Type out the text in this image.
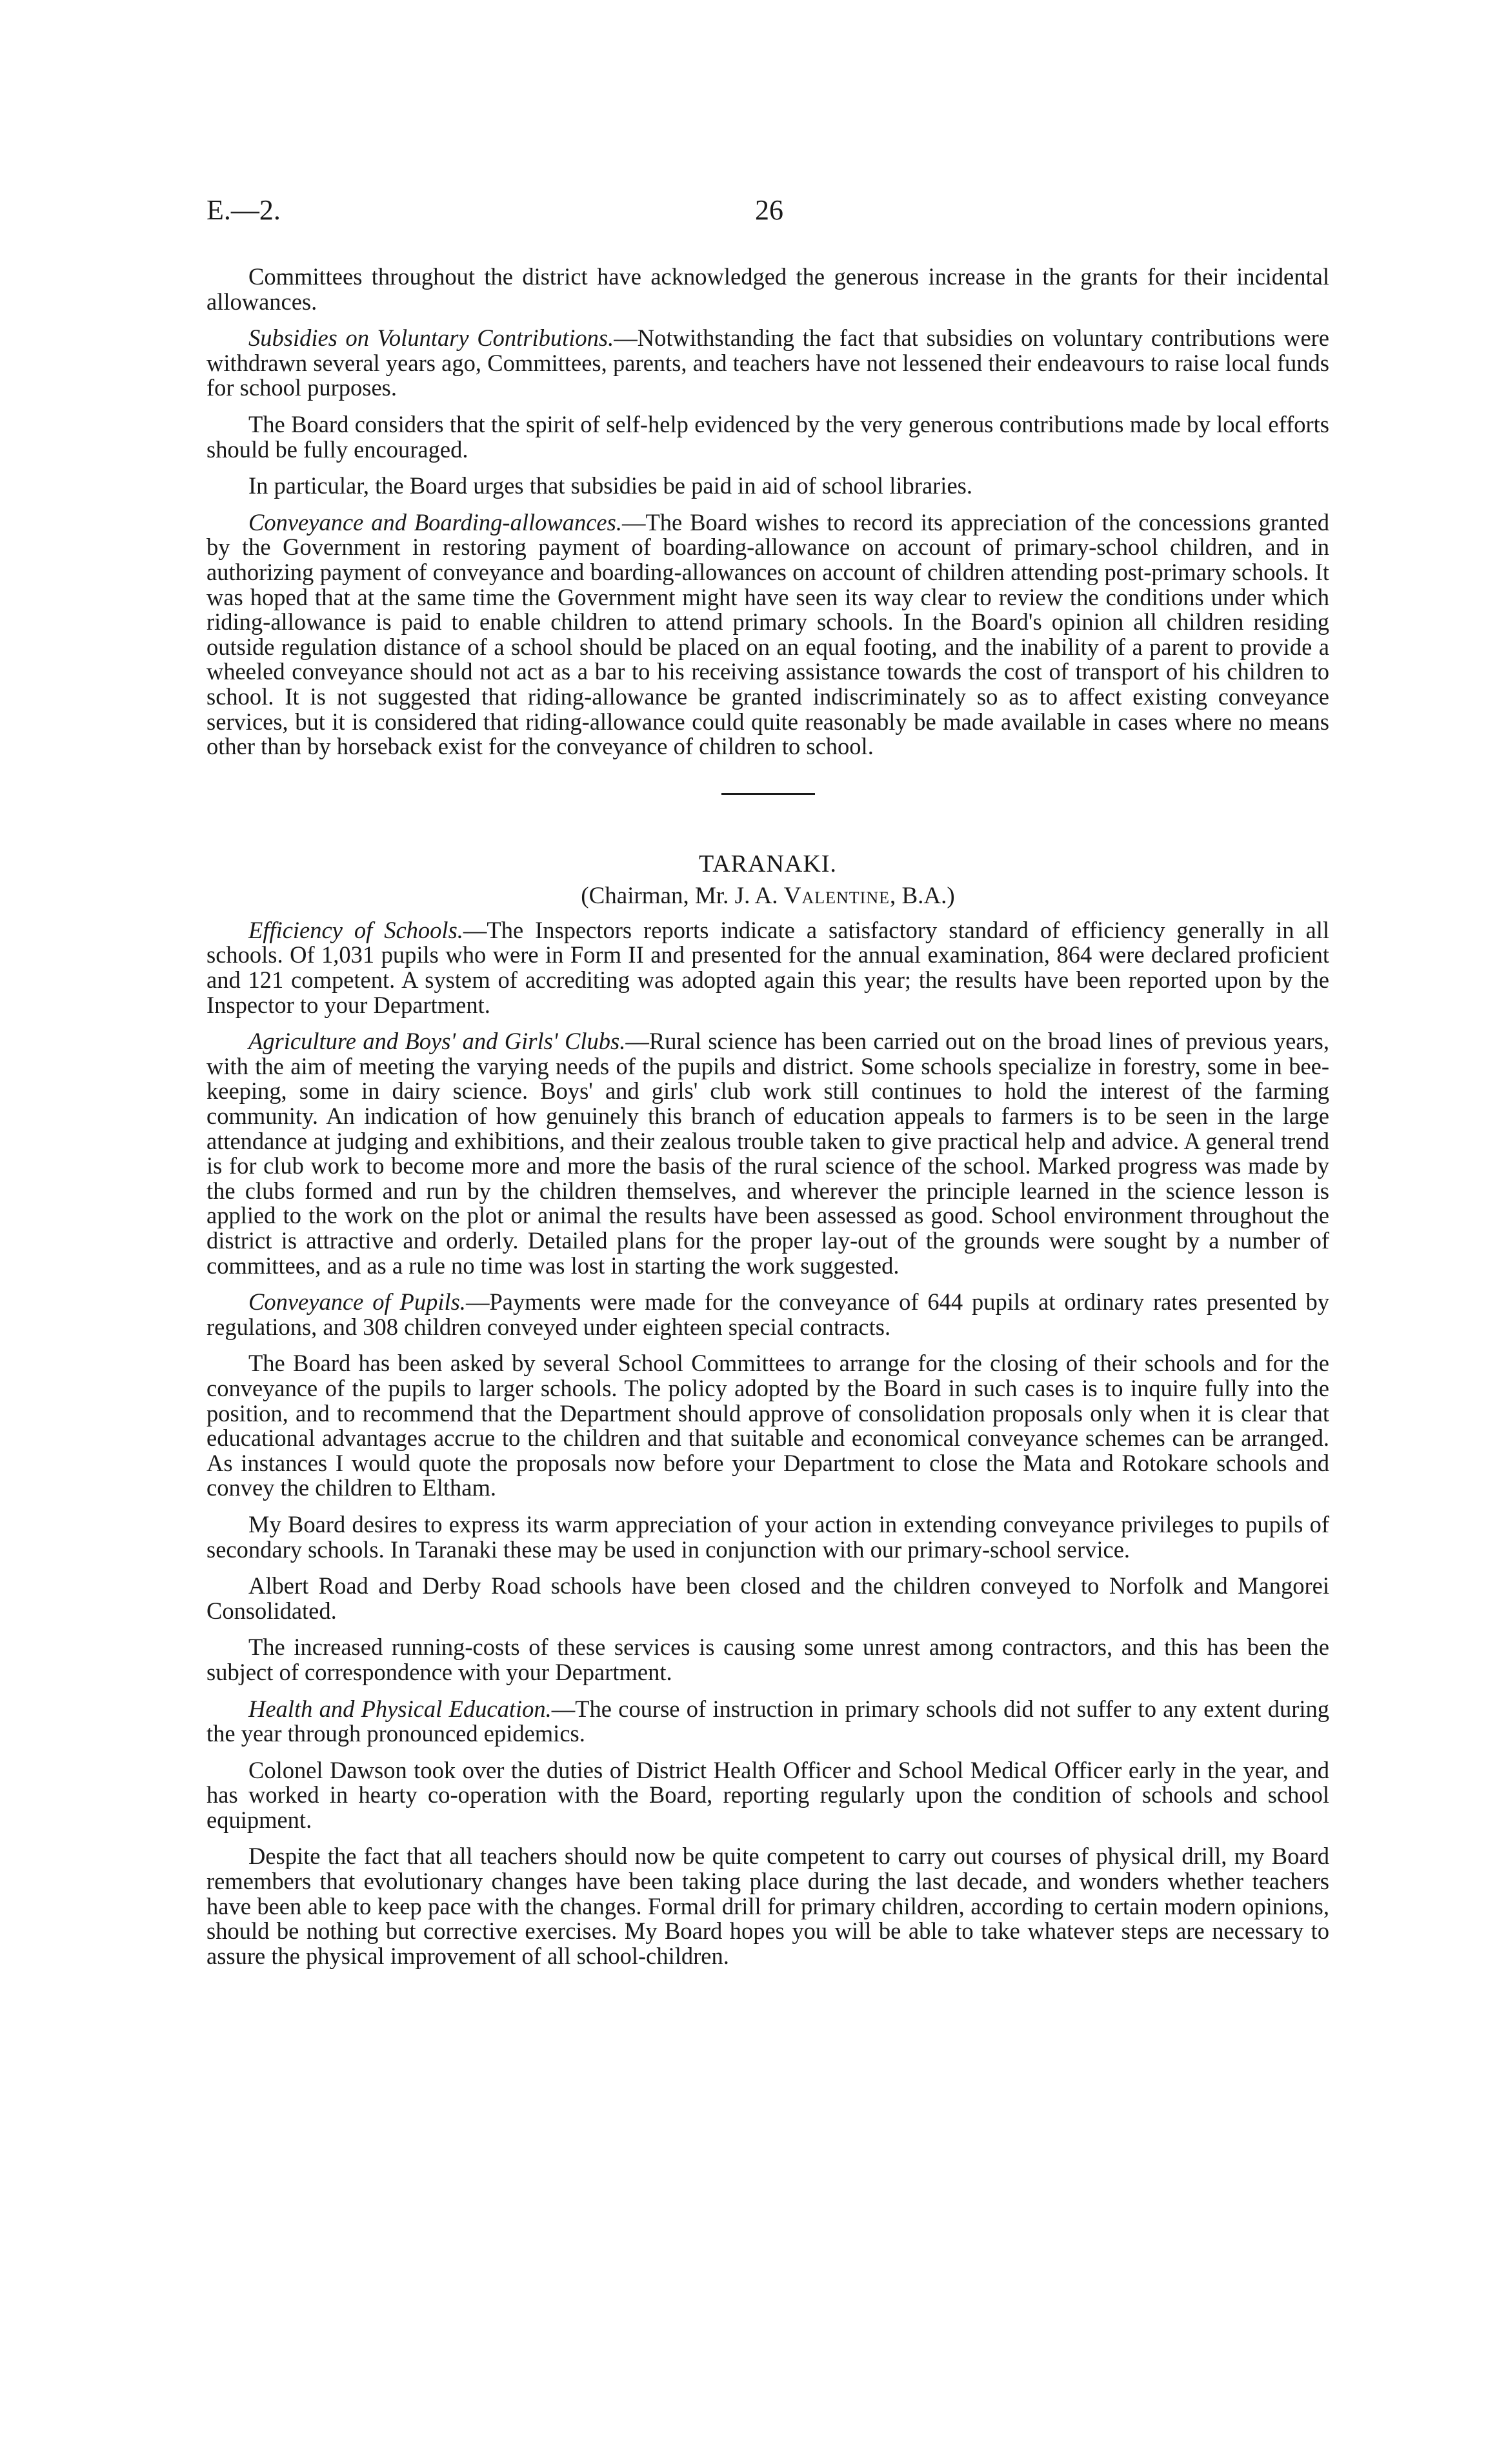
E.—2.	26

Committees throughout the district have acknowledged the generous increase in the grants for their incidental allowances.

Subsidies on Voluntary Contributions.—Notwithstanding the fact that subsidies on voluntary contributions were withdrawn several years ago, Committees, parents, and teachers have not lessened their endeavours to raise local funds for school purposes.

The Board considers that the spirit of self-help evidenced by the very generous contributions made by local efforts should be fully encouraged.

In particular, the Board urges that subsidies be paid in aid of school libraries.

Conveyance and Boarding-allowances.—The Board wishes to record its appreciation of the concessions granted by the Government in restoring payment of boarding-allowance on account of primary-school children, and in authorizing payment of conveyance and boarding-allowances on account of children attending post-primary schools. It was hoped that at the same time the Government might have seen its way clear to review the conditions under which riding-allowance is paid to enable children to attend primary schools. In the Board's opinion all children residing outside regulation distance of a school should be placed on an equal footing, and the inability of a parent to provide a wheeled conveyance should not act as a bar to his receiving assistance towards the cost of transport of his children to school. It is not suggested that riding-allowance be granted indiscriminately so as to affect existing conveyance services, but it is considered that riding-allowance could quite reasonably be made available in cases where no means other than by horseback exist for the conveyance of children to school.

TARANAKI.
(Chairman, Mr. J. A. Valentine, B.A.)

Efficiency of Schools.—The Inspectors reports indicate a satisfactory standard of efficiency generally in all schools. Of 1,031 pupils who were in Form II and presented for the annual examination, 864 were declared proficient and 121 competent. A system of accrediting was adopted again this year; the results have been reported upon by the Inspector to your Department.

Agriculture and Boys' and Girls' Clubs.—Rural science has been carried out on the broad lines of previous years, with the aim of meeting the varying needs of the pupils and district. Some schools specialize in forestry, some in bee-keeping, some in dairy science. Boys' and girls' club work still continues to hold the interest of the farming community. An indication of how genuinely this branch of education appeals to farmers is to be seen in the large attendance at judging and exhibitions, and their zealous trouble taken to give practical help and advice. A general trend is for club work to become more and more the basis of the rural science of the school. Marked progress was made by the clubs formed and run by the children themselves, and wherever the principle learned in the science lesson is applied to the work on the plot or animal the results have been assessed as good. School environment throughout the district is attractive and orderly. Detailed plans for the proper lay-out of the grounds were sought by a number of committees, and as a rule no time was lost in starting the work suggested.

Conveyance of Pupils.—Payments were made for the conveyance of 644 pupils at ordinary rates presented by regulations, and 308 children conveyed under eighteen special contracts.

The Board has been asked by several School Committees to arrange for the closing of their schools and for the conveyance of the pupils to larger schools. The policy adopted by the Board in such cases is to inquire fully into the position, and to recommend that the Department should approve of consolidation proposals only when it is clear that educational advantages accrue to the children and that suitable and economical conveyance schemes can be arranged. As instances I would quote the proposals now before your Department to close the Mata and Rotokare schools and convey the children to Eltham.

My Board desires to express its warm appreciation of your action in extending conveyance privileges to pupils of secondary schools. In Taranaki these may be used in conjunction with our primary-school service.

Albert Road and Derby Road schools have been closed and the children conveyed to Norfolk and Mangorei Consolidated.

The increased running-costs of these services is causing some unrest among contractors, and this has been the subject of correspondence with your Department.

Health and Physical Education.—The course of instruction in primary schools did not suffer to any extent during the year through pronounced epidemics.

Colonel Dawson took over the duties of District Health Officer and School Medical Officer early in the year, and has worked in hearty co-operation with the Board, reporting regularly upon the condition of schools and school equipment.

Despite the fact that all teachers should now be quite competent to carry out courses of physical drill, my Board remembers that evolutionary changes have been taking place during the last decade, and wonders whether teachers have been able to keep pace with the changes. Formal drill for primary children, according to certain modern opinions, should be nothing but corrective exercises. My Board hopes you will be able to take whatever steps are necessary to assure the physical improvement of all school-children.
